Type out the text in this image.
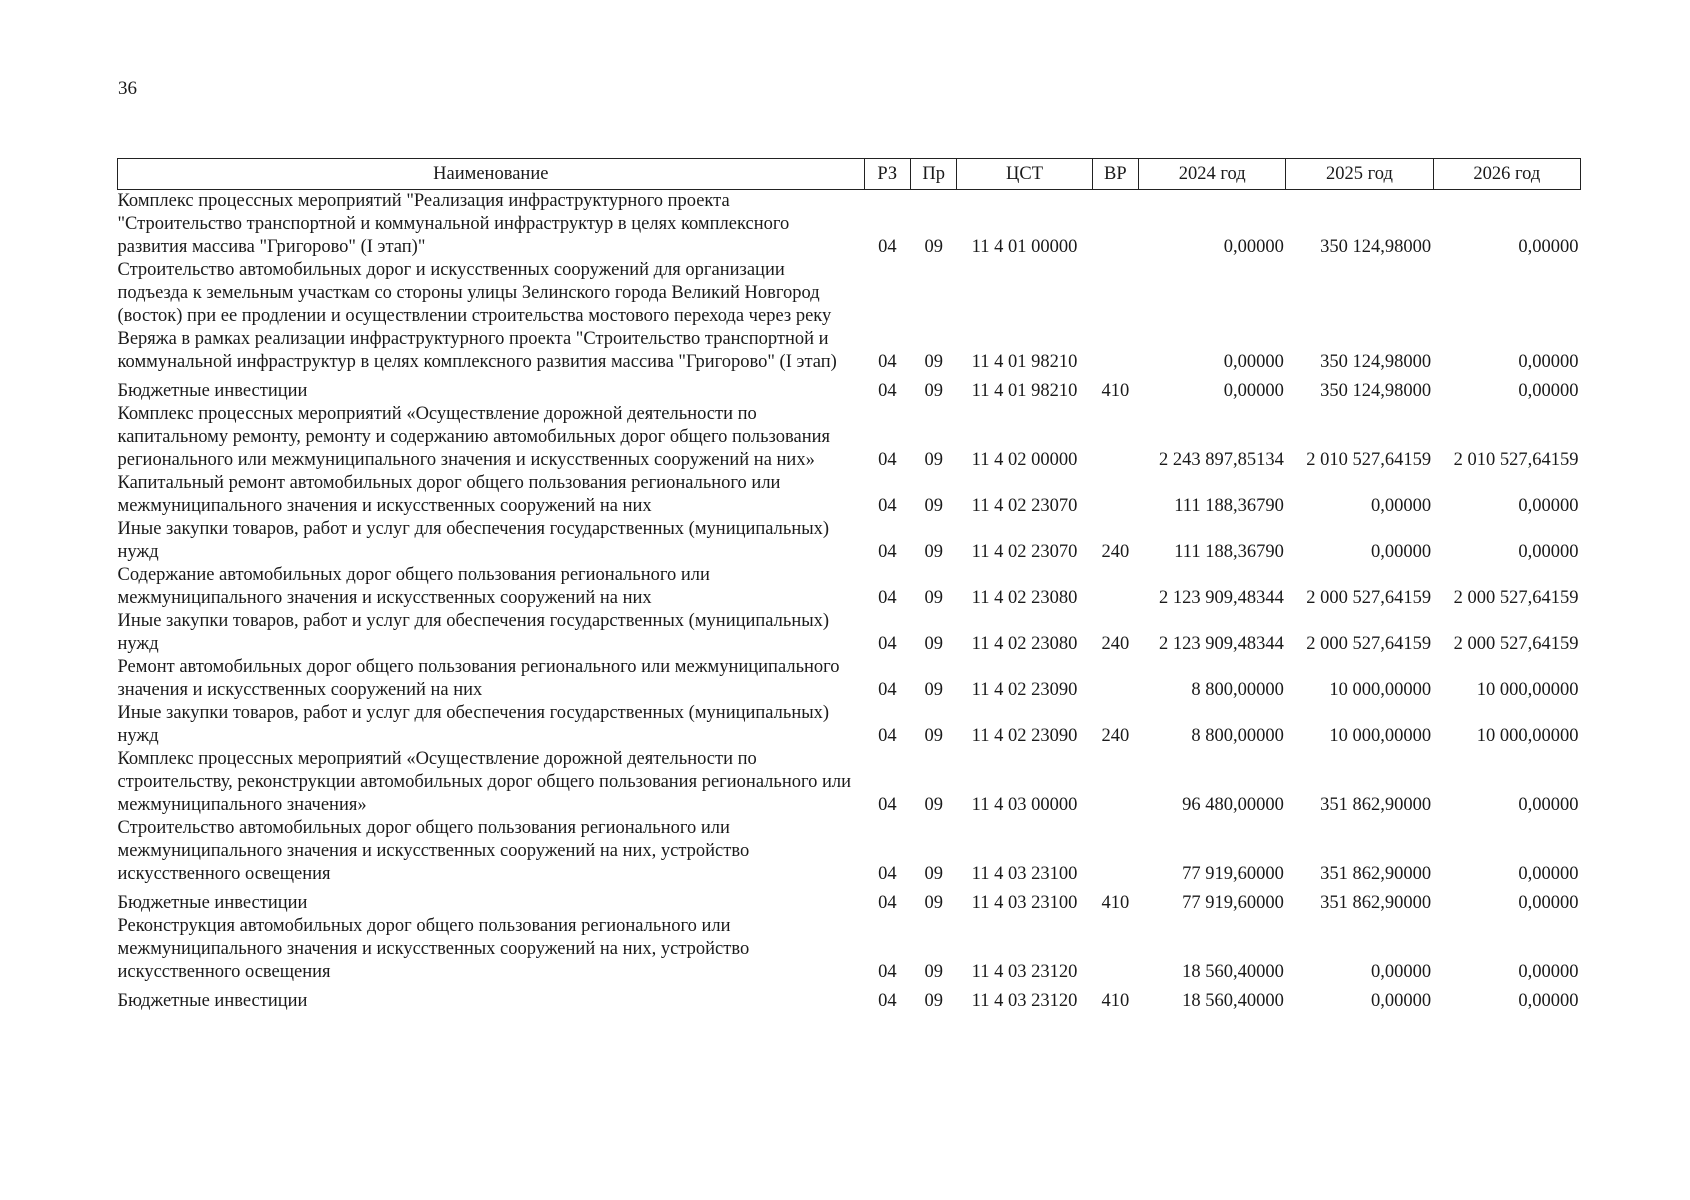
36
Наименование	РЗ	Пр	ЦСТ	ВР	2024 год	2025 год	2026 год
Комплекс процессных мероприятий "Реализация инфраструктурного проекта "Строительство транспортной и коммунальной инфраструктур в целях комплексного развития массива "Григорово" (I этап)"	04	09	11 4 01 00000		0,00000	350 124,98000	0,00000
Строительство автомобильных дорог и искусственных сооружений для организации подъезда к земельным участкам со стороны улицы Зелинского города Великий Новгород (восток) при ее продлении и осуществлении строительства мостового перехода через реку Веряжа в рамках реализации инфраструктурного проекта "Строительство транспортной и коммунальной инфраструктур в целях комплексного развития массива "Григорово" (I этап)	04	09	11 4 01 98210		0,00000	350 124,98000	0,00000
Бюджетные инвестиции	04	09	11 4 01 98210	410	0,00000	350 124,98000	0,00000
Комплекс процессных мероприятий «Осуществление дорожной деятельности по капитальному ремонту, ремонту и содержанию автомобильных дорог общего пользования регионального или межмуниципального значения и искусственных сооружений на них»	04	09	11 4 02 00000		2 243 897,85134	2 010 527,64159	2 010 527,64159
Капитальный ремонт автомобильных дорог общего пользования регионального или межмуниципального значения и искусственных сооружений на них	04	09	11 4 02 23070		111 188,36790	0,00000	0,00000
Иные закупки товаров, работ и услуг для обеспечения государственных (муниципальных) нужд	04	09	11 4 02 23070	240	111 188,36790	0,00000	0,00000
Содержание автомобильных дорог общего пользования регионального или межмуниципального значения и искусственных сооружений на них	04	09	11 4 02 23080		2 123 909,48344	2 000 527,64159	2 000 527,64159
Иные закупки товаров, работ и услуг для обеспечения государственных (муниципальных) нужд	04	09	11 4 02 23080	240	2 123 909,48344	2 000 527,64159	2 000 527,64159
Ремонт автомобильных дорог общего пользования регионального или межмуниципального значения и искусственных сооружений на них	04	09	11 4 02 23090		8 800,00000	10 000,00000	10 000,00000
Иные закупки товаров, работ и услуг для обеспечения государственных (муниципальных) нужд	04	09	11 4 02 23090	240	8 800,00000	10 000,00000	10 000,00000
Комплекс процессных мероприятий «Осуществление дорожной деятельности по строительству, реконструкции автомобильных дорог общего пользования регионального или межмуниципального значения»	04	09	11 4 03 00000		96 480,00000	351 862,90000	0,00000
Строительство автомобильных дорог общего пользования регионального или межмуниципального значения и искусственных сооружений на них, устройство искусственного освещения	04	09	11 4 03 23100		77 919,60000	351 862,90000	0,00000
Бюджетные инвестиции	04	09	11 4 03 23100	410	77 919,60000	351 862,90000	0,00000
Реконструкция автомобильных дорог общего пользования регионального или межмуниципального значения и искусственных сооружений на них, устройство искусственного освещения	04	09	11 4 03 23120		18 560,40000	0,00000	0,00000
Бюджетные инвестиции	04	09	11 4 03 23120	410	18 560,40000	0,00000	0,00000
